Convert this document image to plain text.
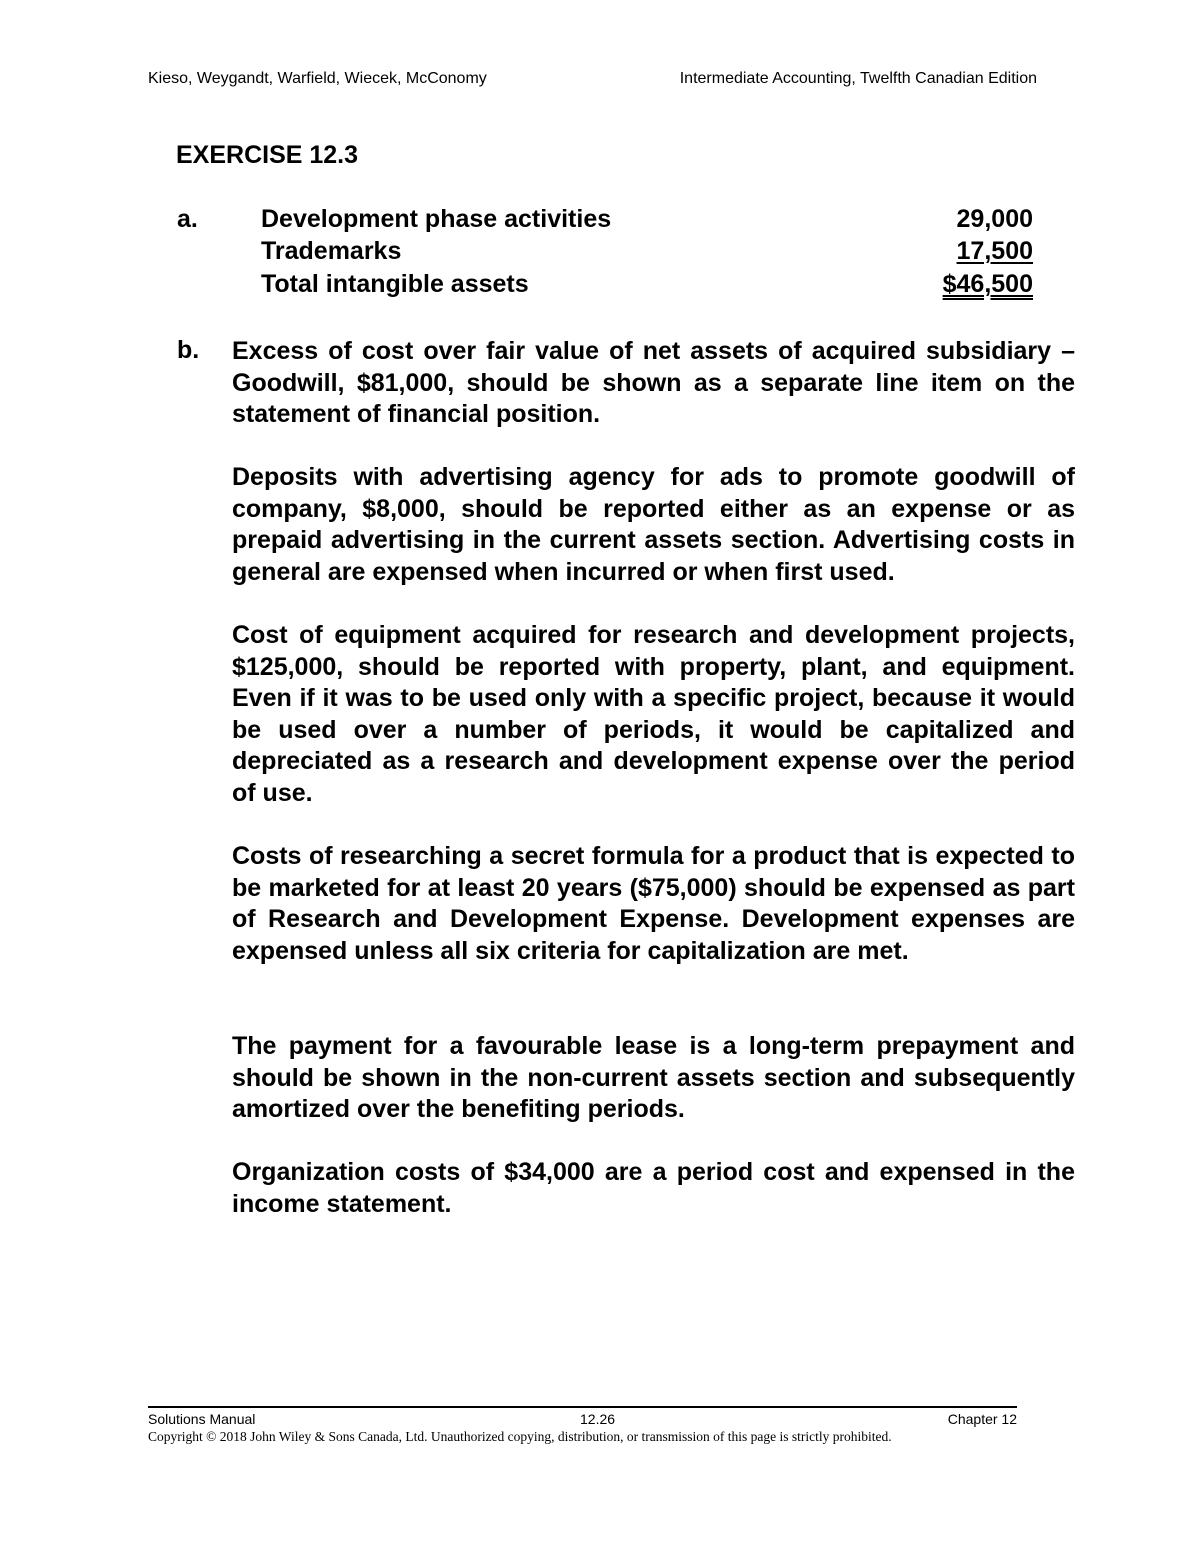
Kieso, Weygandt, Warfield, Wiecek, McConomy	Intermediate Accounting, Twelfth Canadian Edition
EXERCISE 12.3
a.	Development phase activities	29,000
Trademarks	17,500
Total intangible assets	$46,500
b. Excess of cost over fair value of net assets of acquired subsidiary – Goodwill, $81,000, should be shown as a separate line item on the statement of financial position.

Deposits with advertising agency for ads to promote goodwill of company, $8,000, should be reported either as an expense or as prepaid advertising in the current assets section. Advertising costs in general are expensed when incurred or when first used.

Cost of equipment acquired for research and development projects, $125,000, should be reported with property, plant, and equipment. Even if it was to be used only with a specific project, because it would be used over a number of periods, it would be capitalized and depreciated as a research and development expense over the period of use.

Costs of researching a secret formula for a product that is expected to be marketed for at least 20 years ($75,000) should be expensed as part of Research and Development Expense. Development expenses are expensed unless all six criteria for capitalization are met.

The payment for a favourable lease is a long-term prepayment and should be shown in the non-current assets section and subsequently amortized over the benefiting periods.

Organization costs of $34,000 are a period cost and expensed in the income statement.

Solutions Manual	12.26	Chapter 12
Copyright © 2018 John Wiley & Sons Canada, Ltd. Unauthorized copying, distribution, or transmission of this page is strictly prohibited.
